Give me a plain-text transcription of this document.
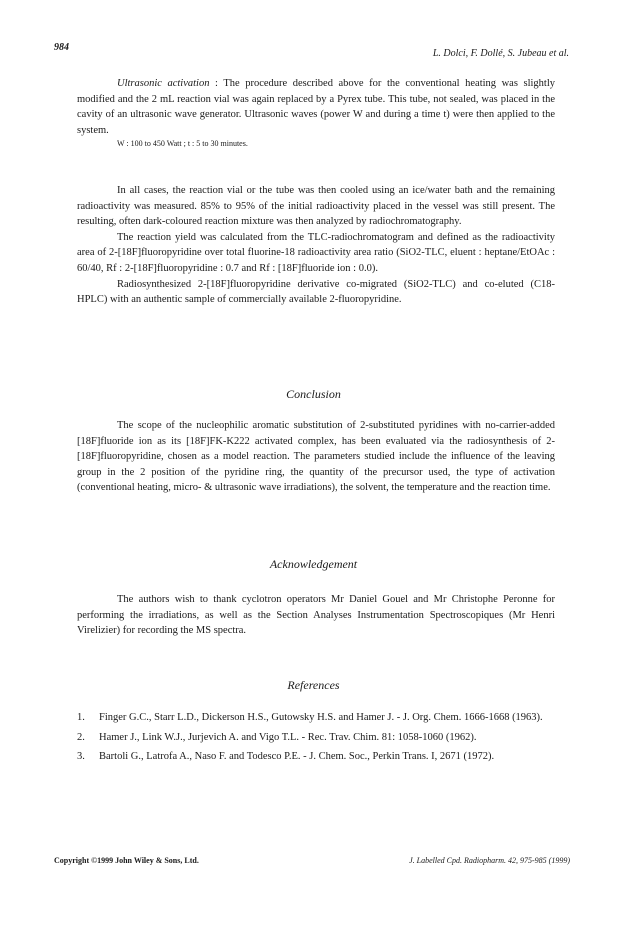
984
L. Dolci, F. Dollé, S. Jubeau et al.

Ultrasonic activation : The procedure described above for the conventional heating was slightly modified and the 2 mL reaction vial was again replaced by a Pyrex tube. This tube, not sealed, was placed in the cavity of an ultrasonic wave generator. Ultrasonic waves (power W and during a time t) were then applied to the system.

W : 100 to 450 Watt ; t : 5 to 30 minutes.

In all cases, the reaction vial or the tube was then cooled using an ice/water bath and the remaining radioactivity was measured. 85% to 95% of the initial radioactivity placed in the vessel was still present. The resulting, often dark-coloured reaction mixture was then analyzed by radiochromatography.

The reaction yield was calculated from the TLC-radiochromatogram and defined as the radioactivity area of 2-[18F]fluoropyridine over total fluorine-18 radioactivity area ratio (SiO2-TLC, eluent : heptane/EtOAc : 60/40, Rf : 2-[18F]fluoropyridine : 0.7 and Rf : [18F]fluoride ion : 0.0).

Radiosynthesized 2-[18F]fluoropyridine derivative co-migrated (SiO2-TLC) and co-eluted (C18-HPLC) with an authentic sample of commercially available 2-fluoropyridine.

Conclusion

The scope of the nucleophilic aromatic substitution of 2-substituted pyridines with no-carrier-added [18F]fluoride ion as its [18F]FK-K222 activated complex, has been evaluated via the radiosynthesis of 2-[18F]fluoropyridine, chosen as a model reaction. The parameters studied include the influence of the leaving group in the 2 position of the pyridine ring, the quantity of the precursor used, the type of activation (conventional heating, micro- & ultrasonic wave irradiations), the solvent, the temperature and the reaction time.

Acknowledgement

The authors wish to thank cyclotron operators Mr Daniel Gouel and Mr Christophe Peronne for performing the irradiations, as well as the Section Analyses Instrumentation Spectroscopiques (Mr Henri Virelizier) for recording the MS spectra.

References
1.	Finger G.C., Starr L.D., Dickerson H.S., Gutowsky H.S. and Hamer J. - J. Org. Chem. 1666-1668 (1963).
2.	Hamer J., Link W.J., Jurjevich A. and Vigo T.L. - Rec. Trav. Chim. 81: 1058-1060 (1962).
3.	Bartoli G., Latrofa A., Naso F. and Todesco P.E. - J. Chem. Soc., Perkin Trans. I, 2671 (1972).
Copyright ©1999 John Wiley & Sons, Ltd.	J. Labelled Cpd. Radiopharm. 42, 975-985 (1999)
